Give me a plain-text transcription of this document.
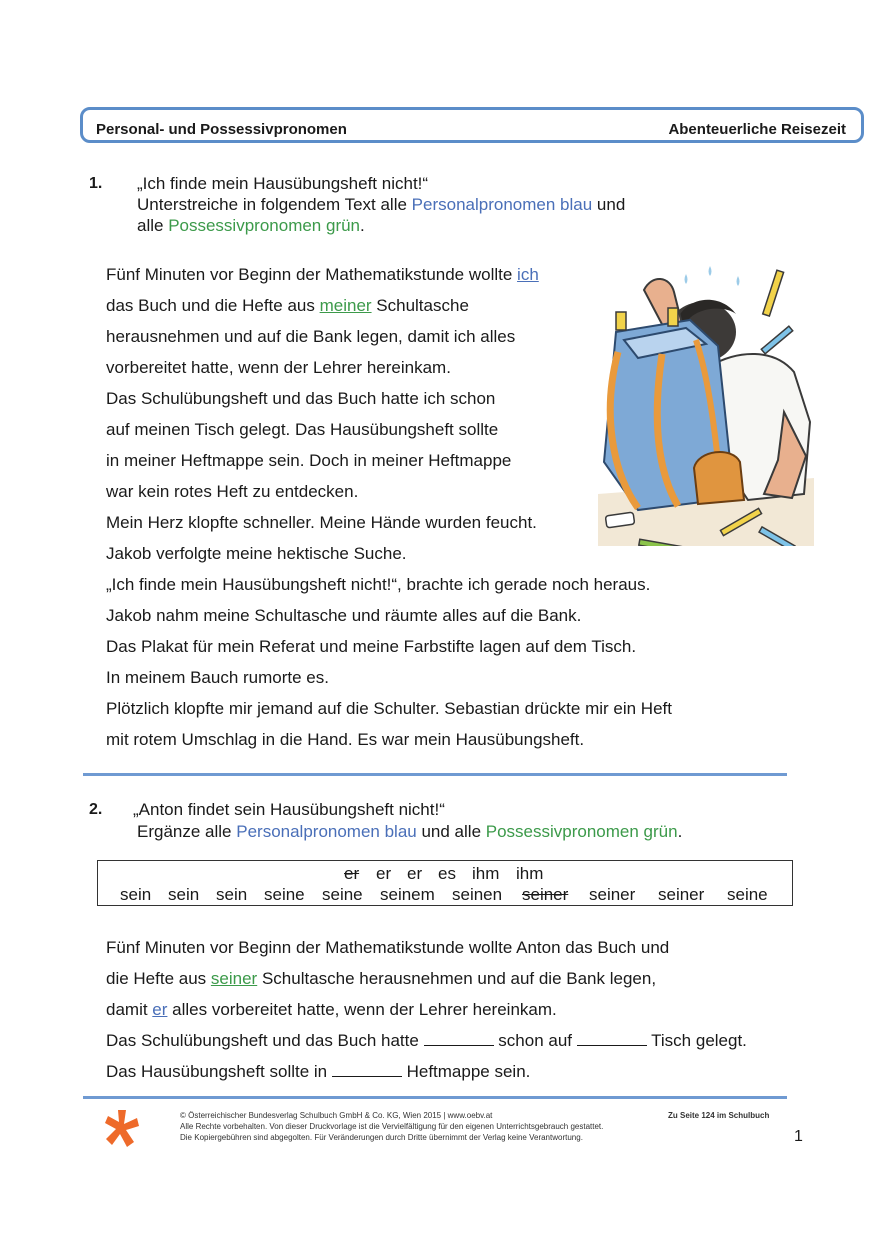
Personal- und Possessivpronomen	Abenteuerliche Reisezeit
1. „Ich finde mein Hausübungsheft nicht!“
Unterstreiche in folgendem Text alle Personalpronomen blau und
alle Possessivpronomen grün.
Fünf Minuten vor Beginn der Mathematikstunde wollte ich
das Buch und die Hefte aus meiner Schultasche
herausnehmen und auf die Bank legen, damit ich alles
vorbereitet hatte, wenn der Lehrer hereinkam.
Das Schulübungsheft und das Buch hatte ich schon
auf meinen Tisch gelegt. Das Hausübungsheft sollte
in meiner Heftmappe sein. Doch in meiner Heftmappe
war kein rotes Heft zu entdecken.
Mein Herz klopfte schneller. Meine Hände wurden feucht.
Jakob verfolgte meine hektische Suche.
„Ich finde mein Hausübungsheft nicht!“, brachte ich gerade noch heraus.
Jakob nahm meine Schultasche und räumte alles auf die Bank.
Das Plakat für mein Referat und meine Farbstifte lagen auf dem Tisch.
In meinem Bauch rumorte es.
Plötzlich klopfte mir jemand auf die Schulter. Sebastian drückte mir ein Heft
mit rotem Umschlag in die Hand. Es war mein Hausübungsheft.
2. „Anton findet sein Hausübungsheft nicht!“
Ergänze alle Personalpronomen blau und alle Possessivpronomen grün.
er er er es ihm ihm
sein sein sein seine seine seinem seinen seiner seiner seiner seine
Fünf Minuten vor Beginn der Mathematikstunde wollte Anton das Buch und
die Hefte aus seiner Schultasche herausnehmen und auf die Bank legen,
damit er alles vorbereitet hatte, wenn der Lehrer hereinkam.
Das Schulübungsheft und das Buch hatte	schon auf	Tisch gelegt.
Das Hausübungsheft sollte in	Heftmappe sein.
© Österreichischer Bundesverlag Schulbuch GmbH & Co. KG, Wien 2015 | www.oebv.at
Alle Rechte vorbehalten. Von dieser Druckvorlage ist die Vervielfältigung für den eigenen Unterrichtsgebrauch gestattet.
Die Kopiergebühren sind abgegolten. Für Veränderungen durch Dritte übernimmt der Verlag keine Verantwortung.
Zu Seite 124 im Schulbuch
1
